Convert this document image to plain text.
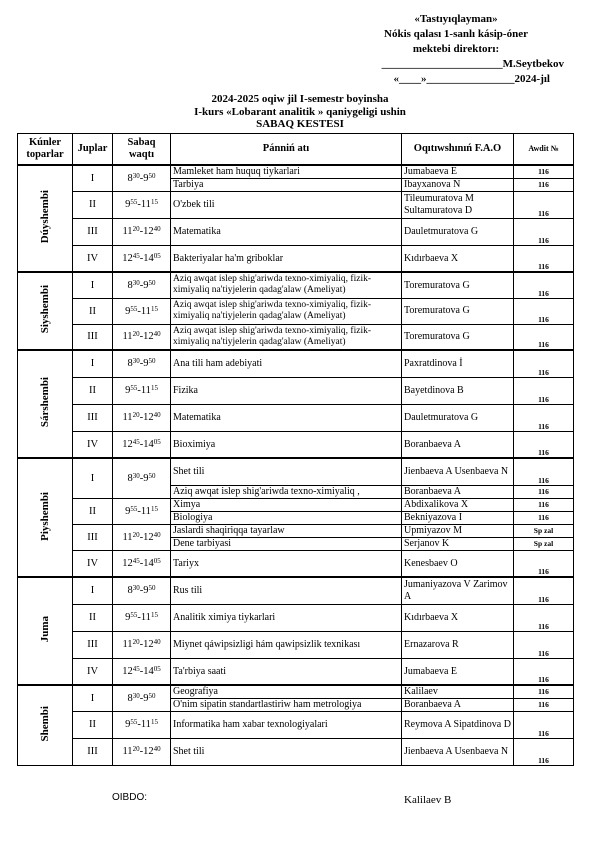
«Tastıyıqlayman»
Nókis qalası 1-sanlı kásip-óner
mektebi direktorı:
______________________M.Seytbekov
«____»________________2024-jıl
2024-2025 oqiw jil I-semestr boyinsha
I-kurs «Lobarant analitik » qaniygeligi ushin
SABAQ KESTESI
Kúnler toparlar	Juplar	Sabaq waqtı	Pánniń atı	Oqıtıwshınıń F.A.O	Awdit №
Dúyshembi	I	$8^{30}-9^{50}$	Mamleket ham huquq tiykarlari	Jumabaeva E	116
			Tarbiya	Ibayxanova N	116
	II	$9^{55}-11^{15}$	O'zbek tili	Tileumuratova M Sultamuratova D	116
	III	$11^{20}-12^{40}$	Matematika	Dauletmuratova G	116
	IV	$12^{45}-14^{05}$	Bakteriyalar ha'm griboklar	Kıdırbaeva X	116
Siyshembi	I	$8^{30}-9^{50}$	Aziq awqat islep shig'ariwda texno-ximiyaliq, fizik-ximiyaliq na'tiyjelerin qadag'alaw (Ameliyat)	Toremuratova G	116
	II	$9^{55}-11^{15}$	Aziq awqat islep shig'ariwda texno-ximiyaliq, fizik-ximiyaliq na'tiyjelerin qadag'alaw (Ameliyat)	Toremuratova G	116
	III	$11^{20}-12^{40}$	Aziq awqat islep shig'ariwda texno-ximiyaliq, fizik-ximiyaliq na'tiyjelerin qadag'alaw (Ameliyat)	Toremuratova G	116
Sárshembi	I	$8^{30}-9^{50}$	Ana tili ham adebiyati	Paxratdinova İ	116
	II	$9^{55}-11^{15}$	Fizika	Bayetdinova B	116
	III	$11^{20}-12^{40}$	Matematika	Dauletmuratova G	116
	IV	$12^{45}-14^{05}$	Bioximiya	Boranbaeva A	116
Piyshembi	I	$8^{30}-9^{50}$	Shet tili	Jienbaeva A Usenbaeva N	116
			Aziq awqat islep shig'ariwda texno-ximiyaliq ,	Boranbaeva A	116
	II	$9^{55}-11^{15}$	Ximya	Abdixalikova X	116
			Biologiya	Bekniyazova I	116
	III	$11^{20}-12^{40}$	Jaslardi shaqiriqqa tayarlaw	Upmiyazov M	Sp zal
			Dene tarbiyasi	Serjanov K	Sp zal
	IV	$12^{45}-14^{05}$	Tariyx	Kenesbaev O	116
Juma	I	$8^{30}-9^{50}$	Rus tili	Jumaniyazova V Zarimov A	116
	II	$9^{55}-11^{15}$	Analitik ximiya tiykarlari	Kıdırbaeva X	116
	III	$11^{20}-12^{40}$	Miynet qáwipsizligi hám qawipsizlik texnikası	Ernazarova R	116
	IV	$12^{45}-14^{05}$	Ta'rbiya saati	Jumabaeva E	116
Shembi	I	$8^{30}-9^{50}$	Geografiya	Kalilaev	116
			O'nim sipatin standartlastiriw ham metrologiya	Boranbaeva A	116
	II	$9^{55}-11^{15}$	Informatika ham xabar texnologiyalari	Reymova A Sipatdinova D	116
	III	$11^{20}-12^{40}$	Shet tili	Jienbaeva A Usenbaeva N	116
OIBDO:	Kalilaev B
